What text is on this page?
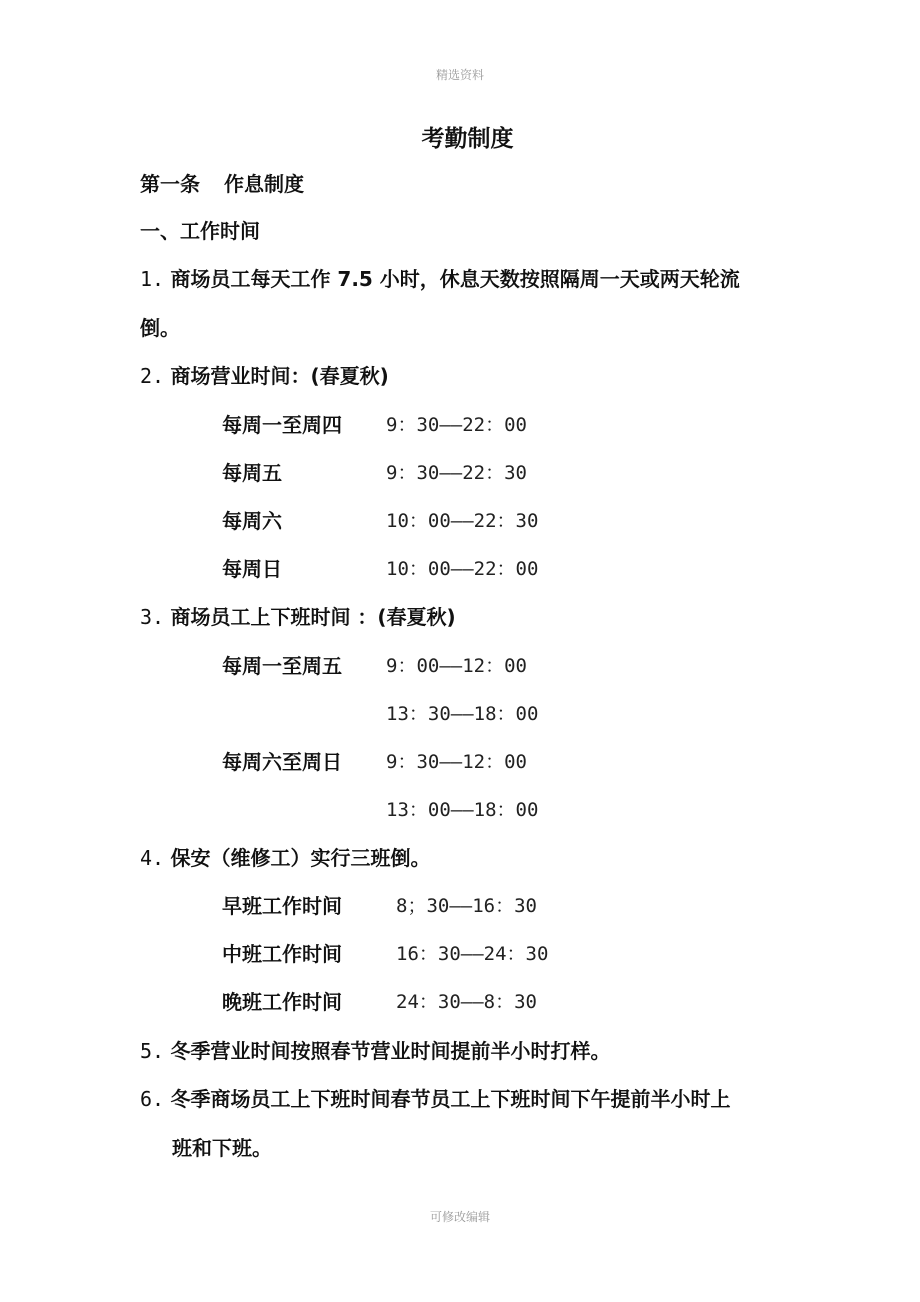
精选资料
考勤制度
第一条 作息制度
一、工作时间
1. 商场员工每天工作 7.5 小时，休息天数按照隔周一天或两天轮流
倒。
2. 商场营业时间：(春夏秋)
每周一至周四 9：30——22：00
每周五	9：30——22：30
每周六	10：00——22：30
每周日	10：00——22：00
3. 商场员工上下班时间 ：(春夏秋)
每周一至周五 9：00——12：00
13：30——18：00
每周六至周日 9：30——12：00
13：00——18：00
4. 保安（维修工）实行三班倒。
早班工作时间	8；30——16：30
中班工作时间	16：30——24：30
晚班工作时间	24：30——8：30
5. 冬季营业时间按照春节营业时间提前半小时打样。
6. 冬季商场员工上下班时间春节员工上下班时间下午提前半小时上
班和下班。
可修改编辑
